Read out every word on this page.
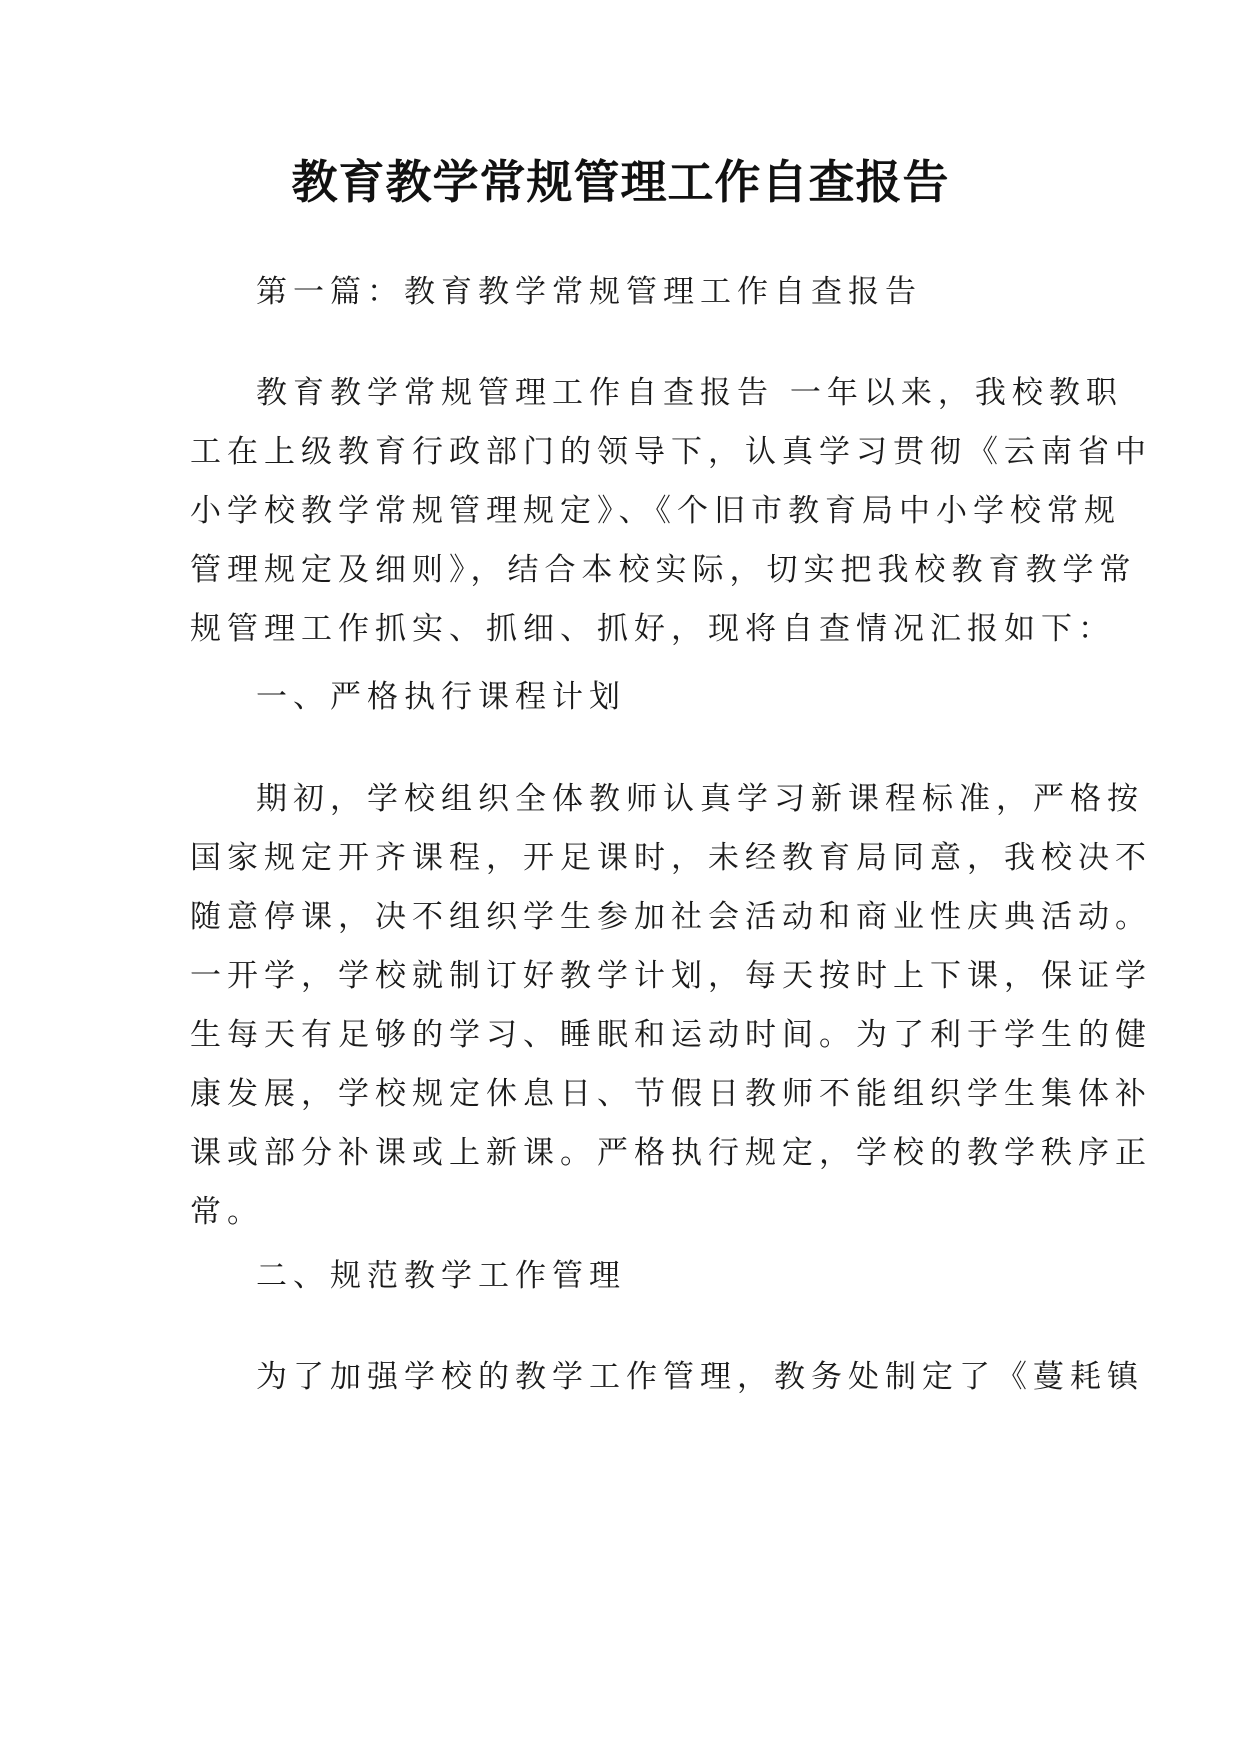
教育教学常规管理工作自查报告
第一篇：教育教学常规管理工作自查报告
教育教学常规管理工作自查报告 一年以来，我校教职
工在上级教育行政部门的领导下，认真学习贯彻《云南省中
小学校教学常规管理规定》、《个旧市教育局中小学校常规
管理规定及细则》，结合本校实际，切实把我校教育教学常
规管理工作抓实、抓细、抓好，现将自查情况汇报如下：
一、严格执行课程计划
期初，学校组织全体教师认真学习新课程标准，严格按
国家规定开齐课程，开足课时，未经教育局同意，我校决不
随意停课，决不组织学生参加社会活动和商业性庆典活动。
一开学，学校就制订好教学计划，每天按时上下课，保证学
生每天有足够的学习、睡眠和运动时间。为了利于学生的健
康发展，学校规定休息日、节假日教师不能组织学生集体补
课或部分补课或上新课。严格执行规定，学校的教学秩序正
常。
二、规范教学工作管理
为了加强学校的教学工作管理，教务处制定了《蔓耗镇
